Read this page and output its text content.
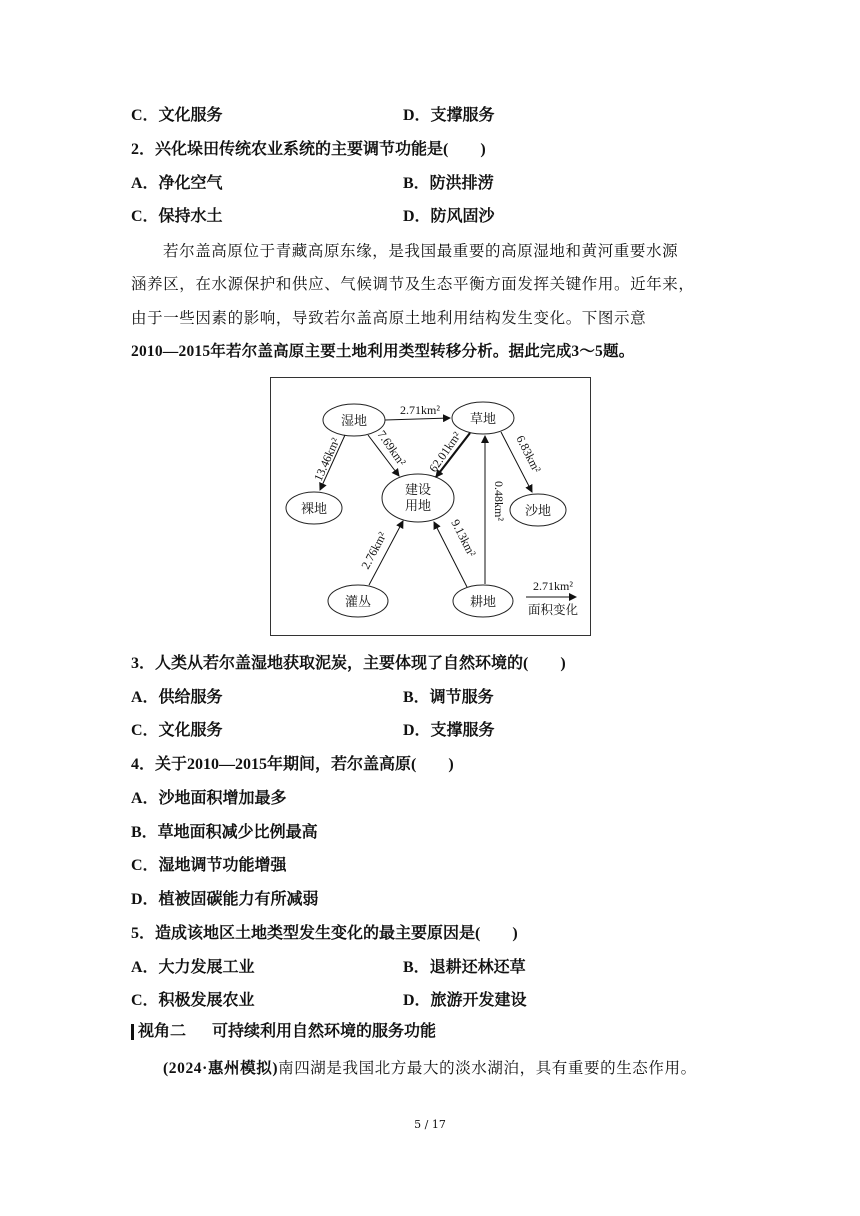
C．文化服务	D．支撑服务
2．兴化垛田传统农业系统的主要调节功能是(　　)
A．净化空气	B．防洪排涝
C．保持水土	D．防风固沙
若尔盖高原位于青藏高原东缘，是我国最重要的高原湿地和黄河重要水源
涵养区，在水源保护和供应、气候调节及生态平衡方面发挥关键作用。近年来，
由于一些因素的影响，导致若尔盖高原土地利用结构发生变化。下图示意
2010—2015年若尔盖高原主要土地利用类型转移分析。据此完成3～5题。
湿地	草地
裸地
建设
用地	沙地
灌丛	耕地
2.71km²
13.46km²	7.69km² 62.01km²	6.83km²
0.48km²
9.13km²
2.76km²
2.71km²
面积变化
3．人类从若尔盖湿地获取泥炭，主要体现了自然环境的(　　)
A．供给服务	B．调节服务
C．文化服务	D．支撑服务
4．关于2010—2015年期间，若尔盖高原(　　)
A．沙地面积增加最多
B．草地面积减少比例最高
C．湿地调节功能增强
D．植被固碳能力有所减弱
5．造成该地区土地类型发生变化的最主要原因是(　　)
A．大力发展工业	B．退耕还林还草
C．积极发展农业	D．旅游开发建设
视角二 可持续利用自然环境的服务功能
(2024·惠州模拟)南四湖是我国北方最大的淡水湖泊，具有重要的生态作用。
5 / 17
